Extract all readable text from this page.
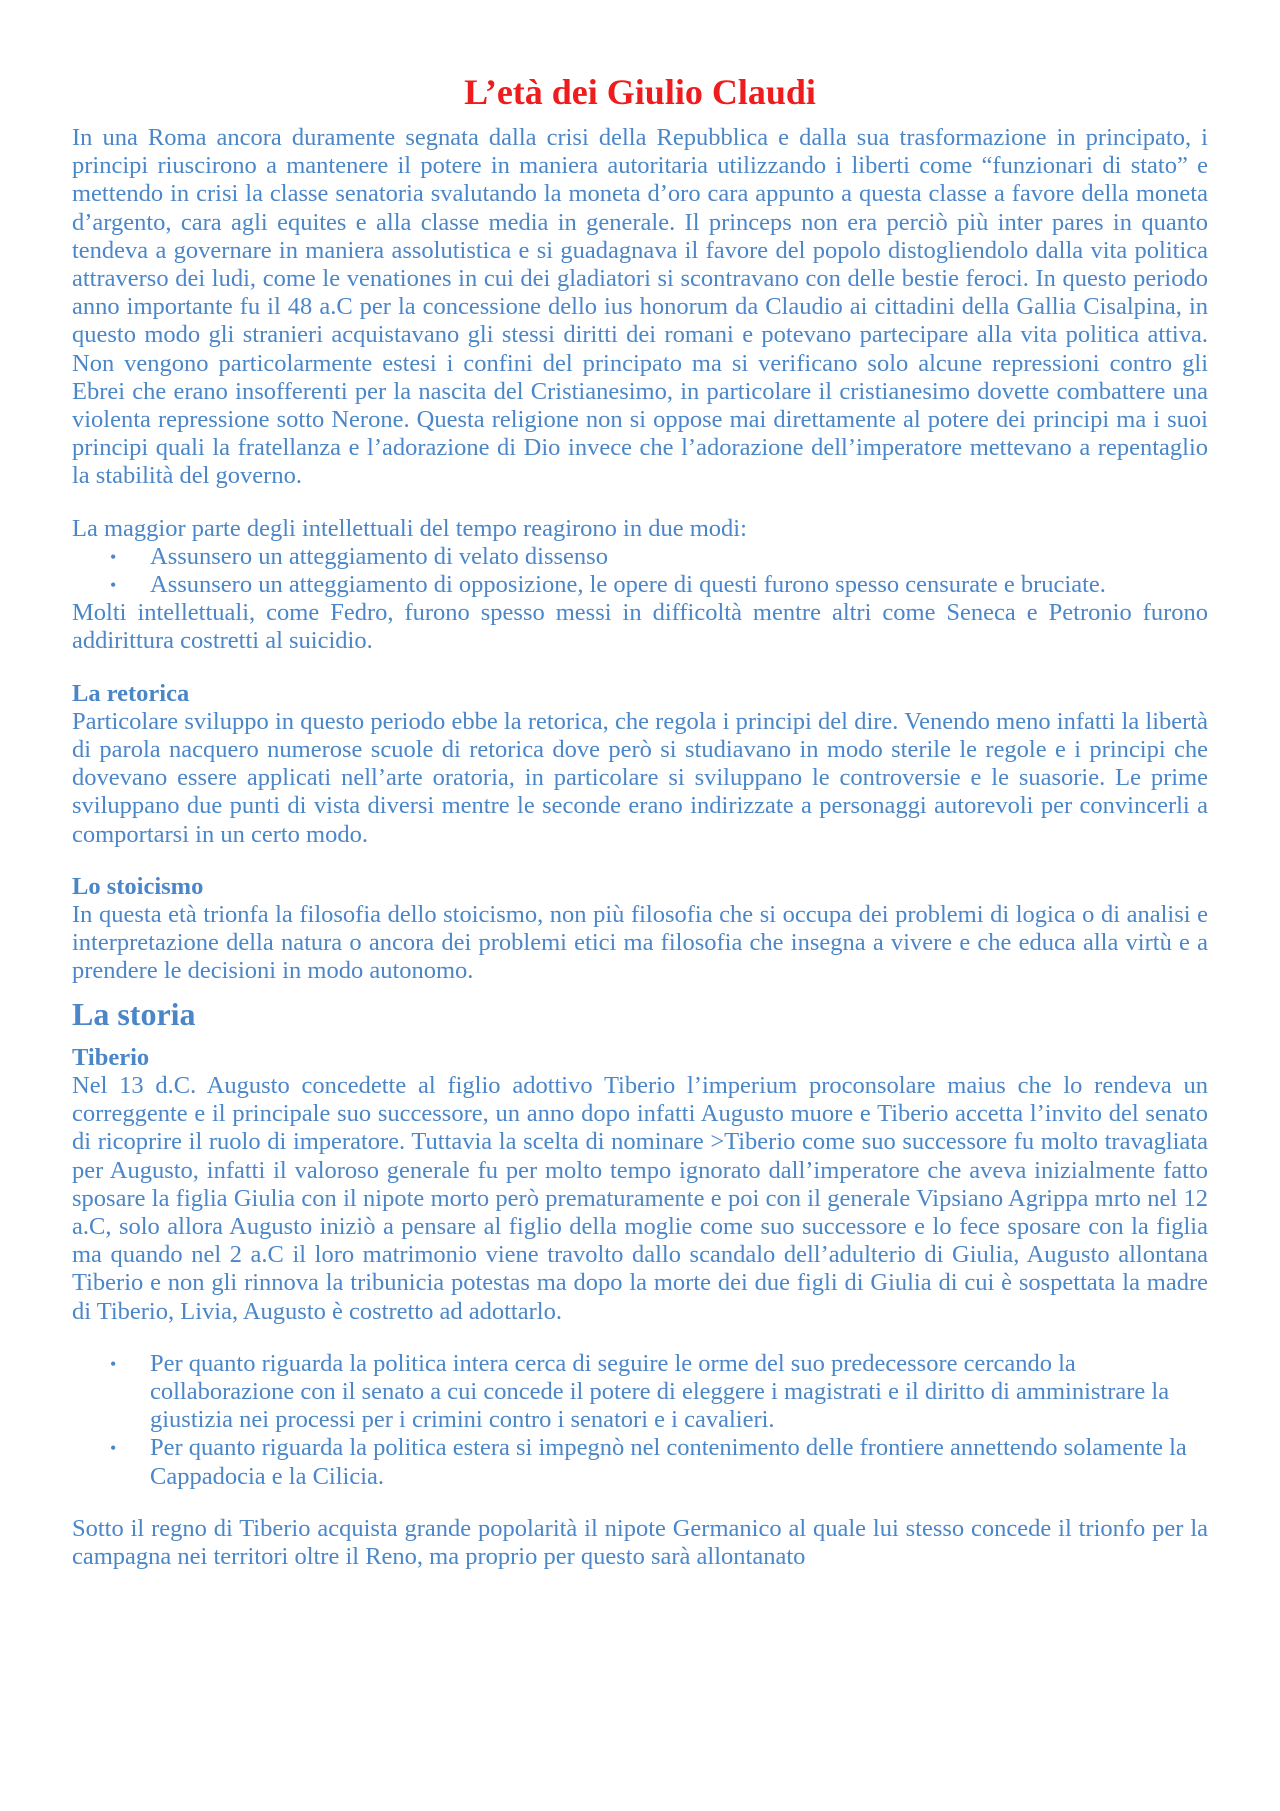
L’età dei Giulio Claudi

In una Roma ancora duramente segnata dalla crisi della Repubblica e dalla sua trasformazione in principato, i principi riuscirono a mantenere il potere in maniera autoritaria utilizzando i liberti come “funzionari di stato” e mettendo in crisi la classe senatoria svalutando la moneta d’oro cara appunto a questa classe a favore della moneta d’argento, cara agli equites e alla classe media in generale. Il princeps non era perciò più inter pares in quanto tendeva a governare in maniera assolutistica e si guadagnava il favore del popolo distogliendolo dalla vita politica attraverso dei ludi, come le venationes in cui dei gladiatori si scontravano con delle bestie feroci. In questo periodo anno importante fu il 48 a.C per la concessione dello ius honorum da Claudio ai cittadini della Gallia Cisalpina, in questo modo gli stranieri acquistavano gli stessi diritti dei romani e potevano partecipare alla vita politica attiva. Non vengono particolarmente estesi i confini del principato ma si verificano solo alcune repressioni contro gli Ebrei che erano insofferenti per la nascita del Cristianesimo, in particolare il cristianesimo dovette combattere una violenta repressione sotto Nerone. Questa religione non si oppose mai direttamente al potere dei principi ma i suoi principi quali la fratellanza e l’adorazione di Dio invece che l’adorazione dell’imperatore mettevano a repentaglio la stabilità del governo.

La maggior parte degli intellettuali del tempo reagirono in due modi:

• Assunsero un atteggiamento di velato dissenso
• Assunsero un atteggiamento di opposizione, le opere di questi furono spesso censurate e bruciate.

Molti intellettuali, come Fedro, furono spesso messi in difficoltà mentre altri come Seneca e Petronio furono addirittura costretti al suicidio.

La retorica

Particolare sviluppo in questo periodo ebbe la retorica, che regola i principi del dire. Venendo meno infatti la libertà di parola nacquero numerose scuole di retorica dove però si studiavano in modo sterile le regole e i principi che dovevano essere applicati nell’arte oratoria, in particolare si sviluppano le controversie e le suasorie. Le prime sviluppano due punti di vista diversi mentre le seconde erano indirizzate a personaggi autorevoli per convincerli a comportarsi in un certo modo.

Lo stoicismo

In questa età trionfa la filosofia dello stoicismo, non più filosofia che si occupa dei problemi di logica o di analisi e interpretazione della natura o ancora dei problemi etici ma filosofia che insegna a vivere e che educa alla virtù e a prendere le decisioni in modo autonomo.

La storia
Tiberio

Nel 13 d.C. Augusto concedette al figlio adottivo Tiberio l’imperium proconsolare maius che lo rendeva un correggente e il principale suo successore, un anno dopo infatti Augusto muore e Tiberio accetta l’invito del senato di ricoprire il ruolo di imperatore. Tuttavia la scelta di nominare >Tiberio come suo successore fu molto travagliata per Augusto, infatti il valoroso generale fu per molto tempo ignorato dall’imperatore che aveva inizialmente fatto sposare la figlia Giulia con il nipote morto però prematuramente e poi con il generale Vipsiano Agrippa mrto nel 12 a.C, solo allora Augusto iniziò a pensare al figlio della moglie come suo successore e lo fece sposare con la figlia ma quando nel 2 a.C il loro matrimonio viene travolto dallo scandalo dell’adulterio di Giulia, Augusto allontana Tiberio e non gli rinnova la tribunicia potestas ma dopo la morte dei due figli di Giulia di cui è sospettata la madre di Tiberio, Livia, Augusto è costretto ad adottarlo.

• Per quanto riguarda la politica intera cerca di seguire le orme del suo predecessore cercando la collaborazione con il senato a cui concede il potere di eleggere i magistrati e il diritto di amministrare la giustizia nei processi per i crimini contro i senatori e i cavalieri.
• Per quanto riguarda la politica estera si impegnò nel contenimento delle frontiere annettendo solamente la Cappadocia e la Cilicia.

Sotto il regno di Tiberio acquista grande popolarità il nipote Germanico al quale lui stesso concede il trionfo per la campagna nei territori oltre il Reno, ma proprio per questo sarà allontanato
